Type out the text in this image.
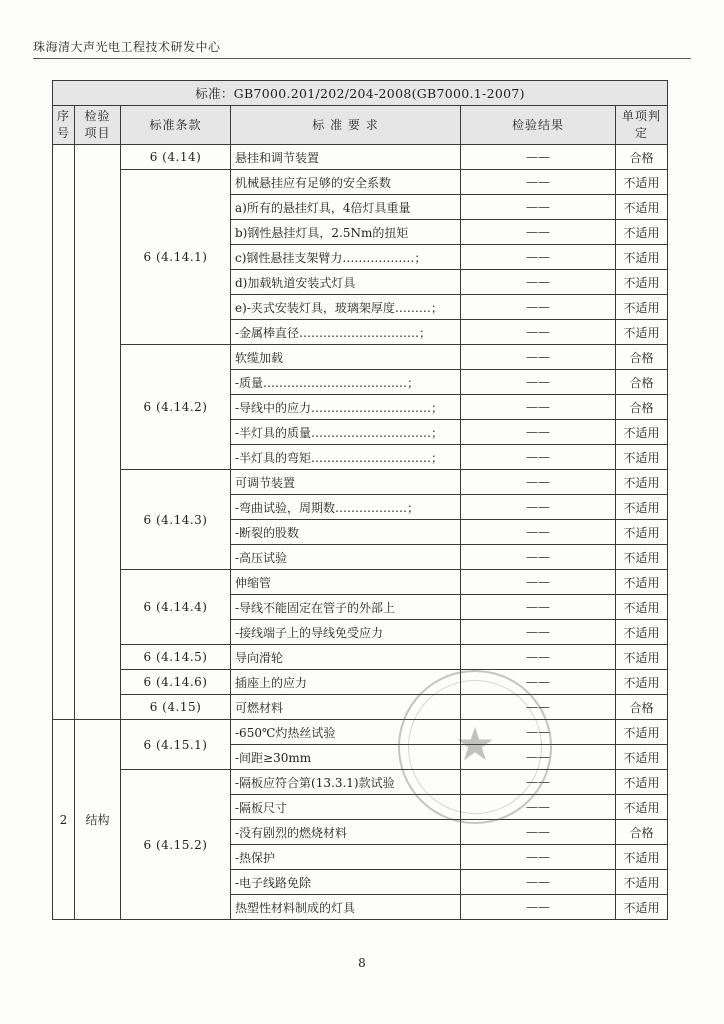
珠海清大声光电工程技术研发中心
标准：GB7000.201/202/204-2008(GB7000.1-2007)					
序号	检验项目	标准条款	标 准 要 求	检验结果	单项判定
		6 (4.14)	悬挂和调节装置	——	合格
		6 (4.14.1)	机械悬挂应有足够的安全系数	——	不适用
			a)所有的悬挂灯具，4倍灯具重量	——	不适用
			b)钢性悬挂灯具，2.5Nm的扭矩	——	不适用
			c)钢性悬挂支架臂力………………；	——	不适用
			d)加载轨道安装式灯具	——	不适用
			e)-夹式安装灯具，玻璃架厚度………；	——	不适用
			-金属棒直径…………………………；	——	不适用
		6 (4.14.2)	软缆加载	——	合格
			-质量………………………………；	——	合格
			-导线中的应力…………………………；	——	合格
			-半灯具的质量…………………………；	——	不适用
			-半灯具的弯矩…………………………；	——	不适用
		6 (4.14.3)	可调节装置	——	不适用
			-弯曲试验，周期数………………；	——	不适用
			-断裂的股数	——	不适用
			-高压试验	——	不适用
		6 (4.14.4)	伸缩管	——	不适用
			-导线不能固定在管子的外部上	——	不适用
			-接线端子上的导线免受应力	——	不适用
		6 (4.14.5)	导向滑轮	——	不适用
		6 (4.14.6)	插座上的应力	——	不适用
		6 (4.15)	可燃材料	——	合格
2	结构	6 (4.15.1)	-650℃灼热丝试验	——	不适用
			-间距≥30mm	——	不适用
		6 (4.15.2)	-隔板应符合第(13.3.1)款试验	——	不适用
			-隔板尺寸	——	不适用
			-没有剧烈的燃烧材料	——	合格
			-热保护	——	不适用
			-电子线路免除	——	不适用
			热塑性材料制成的灯具	——	不适用
★
8
